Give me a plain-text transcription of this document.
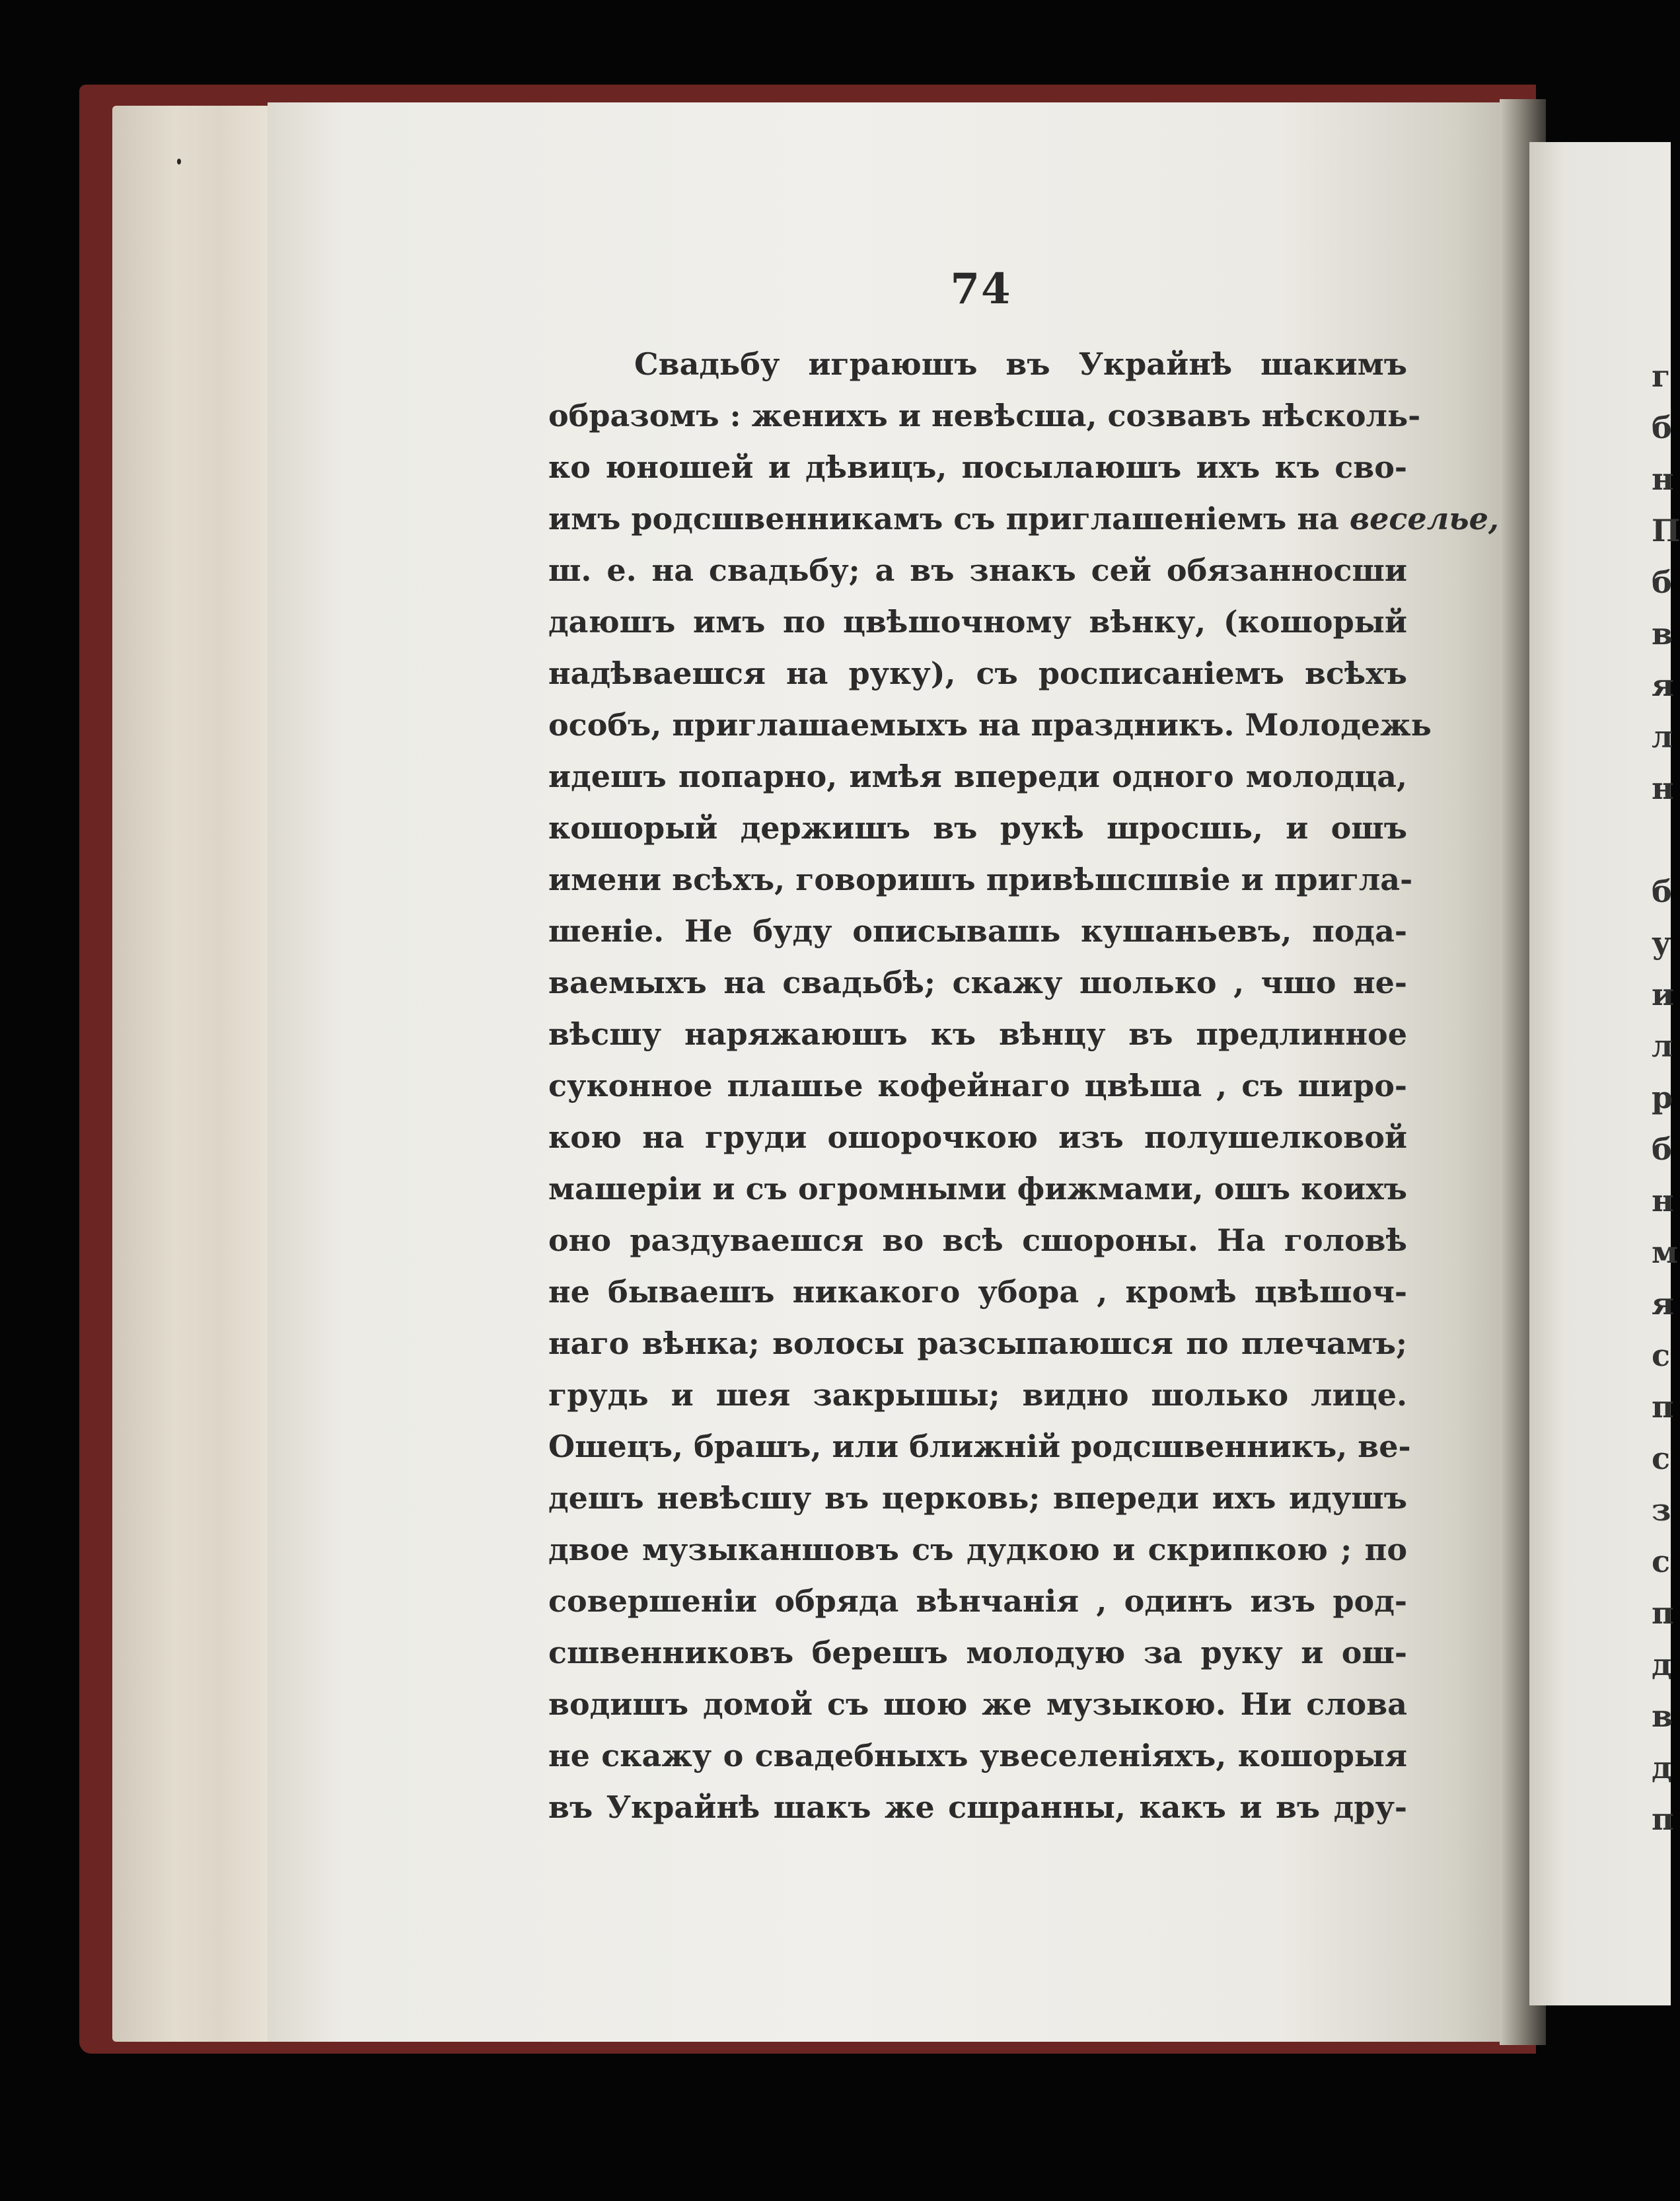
74
Свадьбу играюшъ въ Украйнѣ шакимъ
образомъ : женихъ и невѣсша, созвавъ нѣсколь-
ко юношей и дѣвицъ, посылаюшъ ихъ къ сво-
имъ родсшвенникамъ съ приглашеніемъ на весельe,
ш. е. на свадьбу; а въ знакъ сей обязанносши
даюшъ имъ по цвѣшочному вѣнку, (кошорый
надѣваешся на руку), съ росписаніемъ всѣхъ
особъ, приглашаемыхъ на праздникъ. Молодежь
идешъ попарно, имѣя впереди одного молодца,
кошорый держишъ въ рукѣ шросшь, и ошъ
имени всѣхъ, говоришъ привѣшсшвіе и пригла-
шеніе. Не буду описывашь кушаньевъ, пода-
ваемыхъ на свадьбѣ; скажу шолько , чшо не-
вѣсшу наряжаюшъ къ вѣнцу въ предлинное
суконное плашье кофейнаго цвѣша , съ широ-
кою на груди ошорочкою изъ полушелковой
машеріи и съ огромными фижмами, ошъ коихъ
оно раздуваешся во всѣ сшороны. На головѣ
не бываешъ никакого убора , кромѣ цвѣшоч-
наго вѣнка; волосы разсыпаюшся по плечамъ;
грудь и шея закрышы; видно шолько лице.
Ошецъ, брашъ, или ближній родсшвенникъ, ве-
дешъ невѣсшу въ церковь; впереди ихъ идушъ
двое музыканшовъ съ дудкою и скрипкою ; по
совершеніи обряда вѣнчанія , одинъ изъ род-
сшвенниковъ берешъ молодую за руку и ош-
водишъ домой съ шою же музыкою. Ни слова
не скажу о свадебныхъ увеселеніяхъ, кошорыя
въ Украйнѣ шакъ же сшранны, какъ и въ дру-
г
б
н
П
б
в
я
л
н
б
у
и
л
р
б
н
м
я
с
п
с
з
с
п
д
в
д
п
